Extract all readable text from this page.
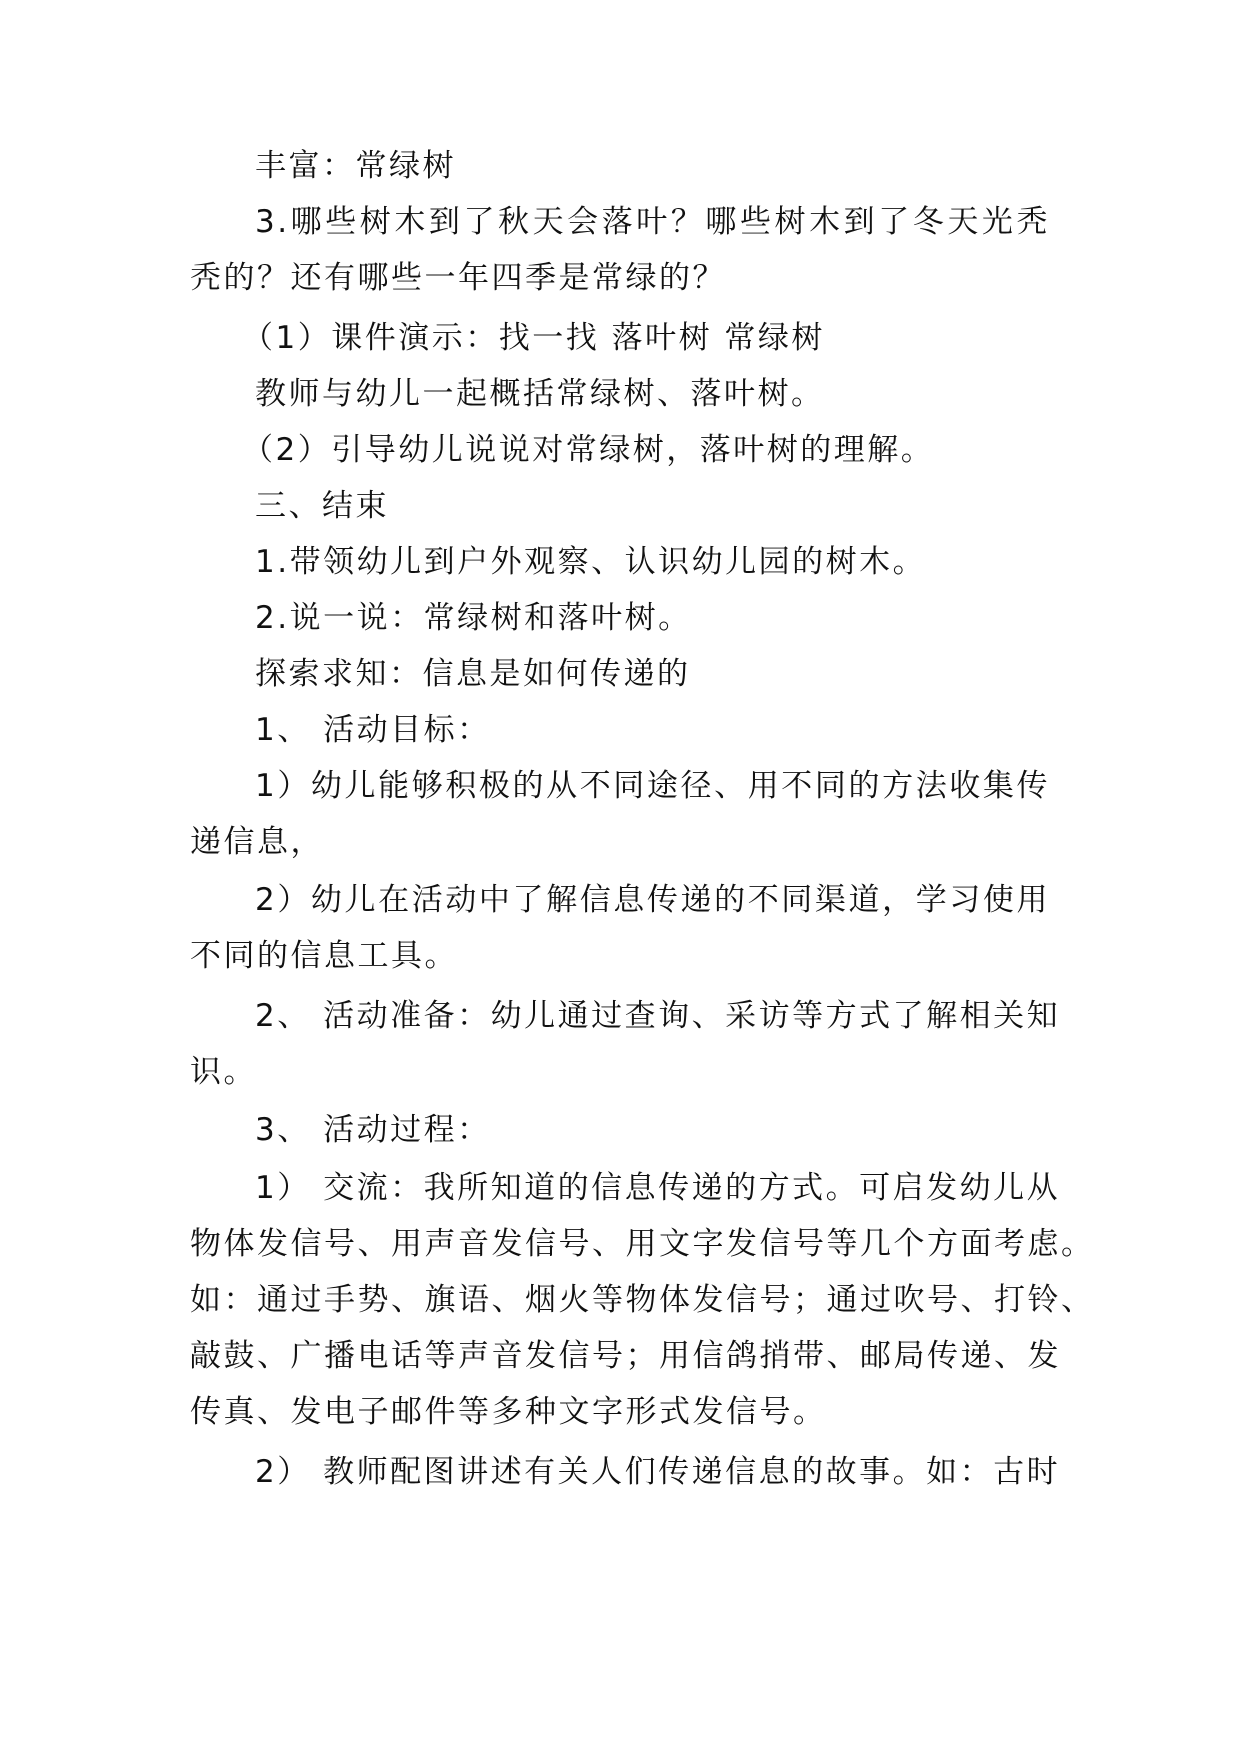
丰富：常绿树
3.哪些树木到了秋天会落叶？哪些树木到了冬天光秃
秃的？还有哪些一年四季是常绿的？
（1）课件演示：找一找 落叶树 常绿树
教师与幼儿一起概括常绿树、落叶树。
（2）引导幼儿说说对常绿树，落叶树的理解。
三、结束
1.带领幼儿到户外观察、认识幼儿园的树木。
2.说一说：常绿树和落叶树。
探索求知：信息是如何传递的
1、 活动目标：
1）幼儿能够积极的从不同途径、用不同的方法收集传
递信息，
2）幼儿在活动中了解信息传递的不同渠道，学习使用
不同的信息工具。
2、 活动准备：幼儿通过查询、采访等方式了解相关知
识。
3、 活动过程：
1） 交流：我所知道的信息传递的方式。可启发幼儿从
物体发信号、用声音发信号、用文字发信号等几个方面考虑。
如：通过手势、旗语、烟火等物体发信号；通过吹号、打铃、
敲鼓、广播电话等声音发信号；用信鸽捎带、邮局传递、发
传真、发电子邮件等多种文字形式发信号。
2） 教师配图讲述有关人们传递信息的故事。如：古时
